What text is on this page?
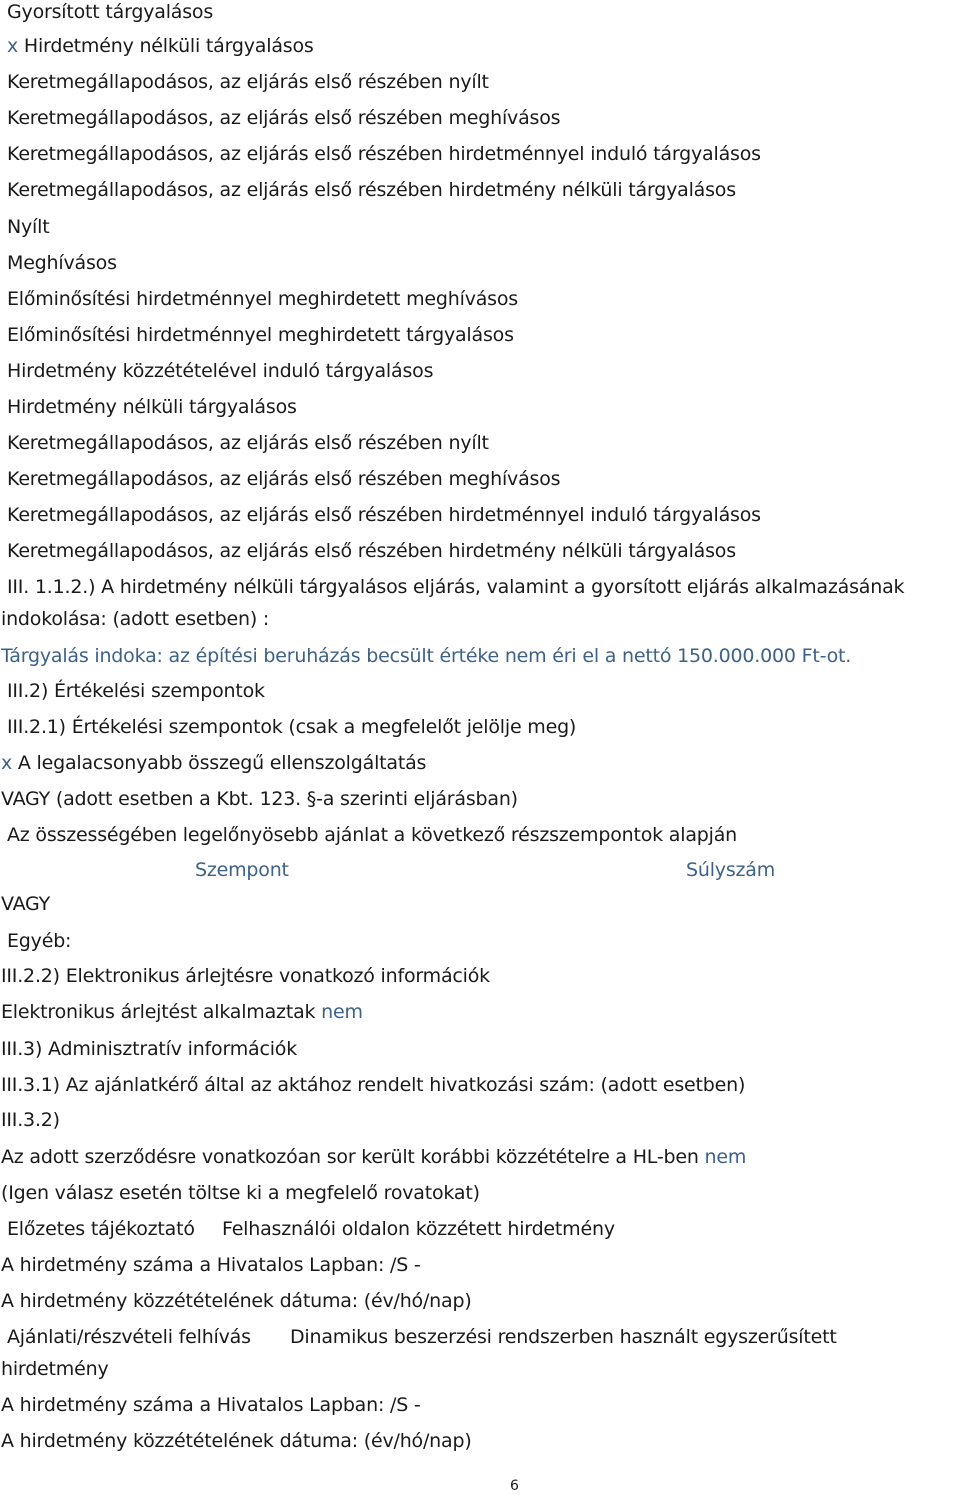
Gyorsított tárgyalásos
x Hirdetmény nélküli tárgyalásos
Keretmegállapodásos, az eljárás első részében nyílt
Keretmegállapodásos, az eljárás első részében meghívásos
Keretmegállapodásos, az eljárás első részében hirdetménnyel induló tárgyalásos
Keretmegállapodásos, az eljárás első részében hirdetmény nélküli tárgyalásos
Nyílt
Meghívásos
Előminősítési hirdetménnyel meghirdetett meghívásos
Előminősítési hirdetménnyel meghirdetett tárgyalásos
Hirdetmény közzétételével induló tárgyalásos
Hirdetmény nélküli tárgyalásos
Keretmegállapodásos, az eljárás első részében nyílt
Keretmegállapodásos, az eljárás első részében meghívásos
Keretmegállapodásos, az eljárás első részében hirdetménnyel induló tárgyalásos
Keretmegállapodásos, az eljárás első részében hirdetmény nélküli tárgyalásos
III. 1.1.2.) A hirdetmény nélküli tárgyalásos eljárás, valamint a gyorsított eljárás alkalmazásának
indokolása: (adott esetben) :
Tárgyalás indoka: az építési beruházás becsült értéke nem éri el a nettó 150.000.000 Ft-ot.
III.2) Értékelési szempontok
III.2.1) Értékelési szempontok (csak a megfelelőt jelölje meg)
x A legalacsonyabb összegű ellenszolgáltatás
VAGY (adott esetben a Kbt. 123. §-a szerinti eljárásban)
Az összességében legelőnyösebb ajánlat a következő részszempontok alapján
Szempont	Súlyszám
VAGY
Egyéb:
III.2.2) Elektronikus árlejtésre vonatkozó információk
Elektronikus árlejtést alkalmaztak nem
III.3) Adminisztratív információk
III.3.1) Az ajánlatkérő által az aktához rendelt hivatkozási szám: (adott esetben)
III.3.2)
Az adott szerződésre vonatkozóan sor került korábbi közzétételre a HL-ben nem
(Igen válasz esetén töltse ki a megfelelő rovatokat)
Előzetes tájékoztató Felhasználói oldalon közzétett hirdetmény
A hirdetmény száma a Hivatalos Lapban: /S -
A hirdetmény közzétételének dátuma: (év/hó/nap)
Ajánlati/részvételi felhívás Dinamikus beszerzési rendszerben használt egyszerűsített
hirdetmény
A hirdetmény száma a Hivatalos Lapban: /S -
A hirdetmény közzétételének dátuma: (év/hó/nap)
6
